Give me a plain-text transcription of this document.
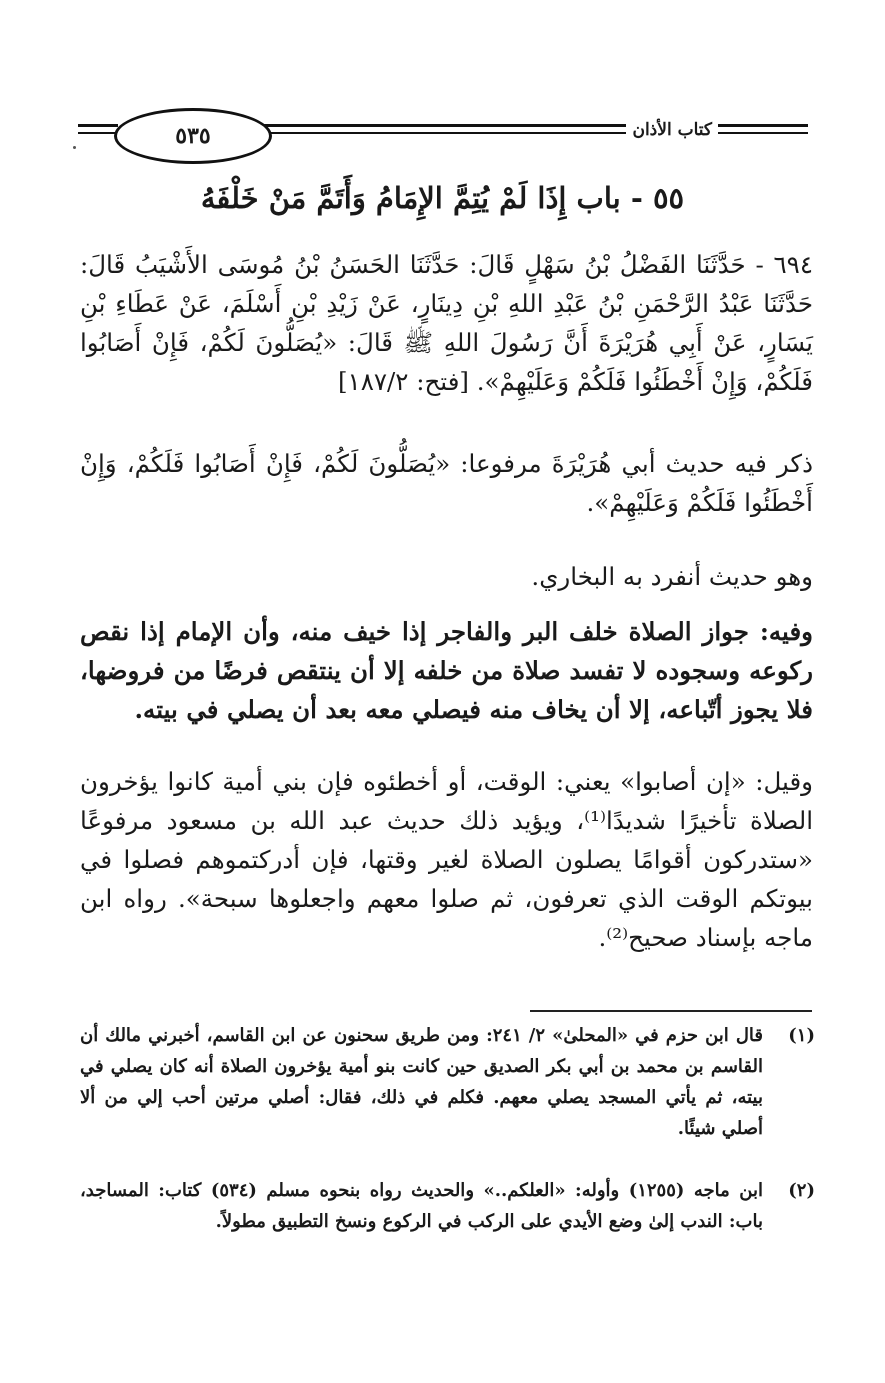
٥٣٥	كتاب الأذان
٥٥ - باب إِذَا لَمْ يُتِمَّ الإِمَامُ وَأَتَمَّ مَنْ خَلْفَهُ
٦٩٤ - حَدَّثَنَا الفَضْلُ بْنُ سَهْلٍ قَالَ: حَدَّثَنَا الحَسَنُ بْنُ مُوسَى الأَشْيَبُ قَالَ: حَدَّثَنَا عَبْدُ الرَّحْمَنِ بْنُ عَبْدِ اللهِ بْنِ دِينَارٍ، عَنْ زَيْدِ بْنِ أَسْلَمَ، عَنْ عَطَاءِ بْنِ يَسَارٍ، عَنْ أَبِي هُرَيْرَةَ أَنَّ رَسُولَ اللهِ ﷺ قَالَ: «يُصَلُّونَ لَكُمْ، فَإِنْ أَصَابُوا فَلَكُمْ، وَإِنْ أَخْطَئُوا فَلَكُمْ وَعَلَيْهِمْ». [فتح: ١٨٧/٢]
ذكر فيه حديث أبي هُرَيْرَةَ مرفوعا: «يُصَلُّونَ لَكُمْ، فَإِنْ أَصَابُوا فَلَكُمْ، وَإِنْ أَخْطَئُوا فَلَكُمْ وَعَلَيْهِمْ».
وهو حديث أنفرد به البخاري.
وفيه: جواز الصلاة خلف البر والفاجر إذا خيف منه، وأن الإمام إذا نقص ركوعه وسجوده لا تفسد صلاة من خلفه إلا أن ينتقص فرضًا من فروضها، فلا يجوز أتّباعه، إلا أن يخاف منه فيصلي معه بعد أن يصلي في بيته.
وقيل: «إن أصابوا» يعني: الوقت، أو أخطئوه فإن بني أمية كانوا يؤخرون الصلاة تأخيرًا شديدًا⁽¹⁾، ويؤيد ذلك حديث عبد الله بن مسعود مرفوعًا «ستدركون أقوامًا يصلون الصلاة لغير وقتها، فإن أدركتموهم فصلوا في بيوتكم الوقت الذي تعرفون، ثم صلوا معهم واجعلوها سبحة». رواه ابن ماجه بإسناد صحيح⁽²⁾.
(١)
قال ابن حزم في «المحلىٰ» ٢/ ٢٤١: ومن طريق سحنون عن ابن القاسم، أخبرني مالك أن القاسم بن محمد بن أبي بكر الصديق حين كانت بنو أمية يؤخرون الصلاة أنه كان يصلي في بيته، ثم يأتي المسجد يصلي معهم. فكلم في ذلك، فقال: أصلي مرتين أحب إلي من ألا أصلي شيئًا.
(٢)
ابن ماجه (١٢٥٥) وأوله: «العلكم..» والحديث رواه بنحوه مسلم (٥٣٤) كتاب: المساجد، باب: الندب إلىٰ وضع الأيدي على الركب في الركوع ونسخ التطبيق مطولاً.
